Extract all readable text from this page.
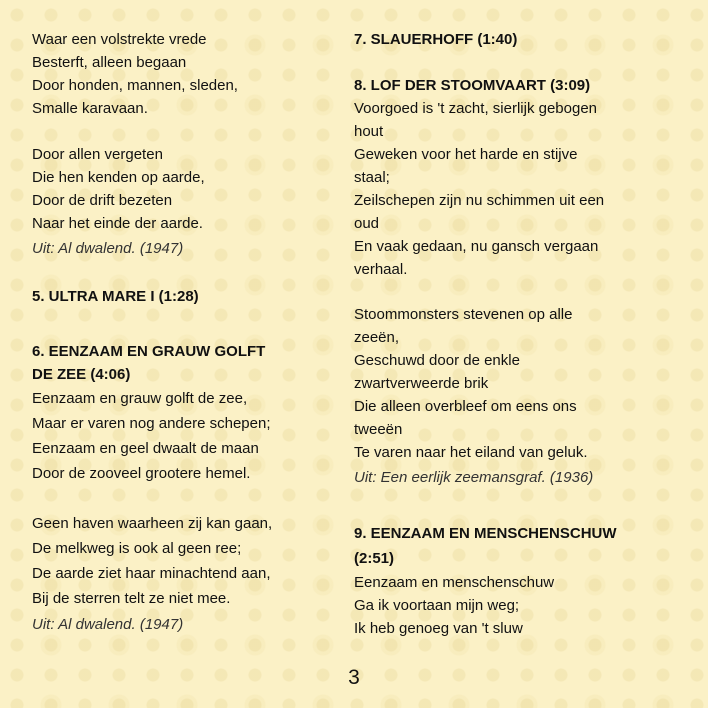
Waar een volstrekte vrede
Besterft, alleen begaan
Door honden, mannen, sleden,
Smalle karavaan.
Door allen vergeten
Die hen kenden op aarde,
Door de drift bezeten
Naar het einde der aarde.
Uit: Al dwalend. (1947)
5. ULTRA MARE I (1:28)
6. EENZAAM EN GRAUW GOLFT
DE ZEE (4:06)
Eenzaam en grauw golft de zee,
Maar er varen nog andere schepen;
Eenzaam en geel dwaalt de maan
Door de zooveel grootere hemel.
Geen haven waarheen zij kan gaan,
De melkweg is ook al geen ree;
De aarde ziet haar minachtend aan,
Bij de sterren telt ze niet mee.
Uit: Al dwalend. (1947)
7. SLAUERHOFF (1:40)
8. LOF DER STOOMVAART (3:09)
Voorgoed is 't zacht, sierlijk gebogen
hout
Geweken voor het harde en stijve
staal;
Zeilschepen zijn nu schimmen uit een
oud
En vaak gedaan, nu gansch vergaan
verhaal.
Stoommonsters stevenen op alle
zeeën,
Geschuwd door de enkle
zwartverweerde brik
Die alleen overbleef om eens ons
tweeën
Te varen naar het eiland van geluk.
Uit: Een eerlijk zeemansgraf. (1936)
9. EENZAAM EN MENSCHENSCHUW
(2:51)
Eenzaam en menschenschuw
Ga ik voortaan mijn weg;
Ik heb genoeg van 't sluw
3
